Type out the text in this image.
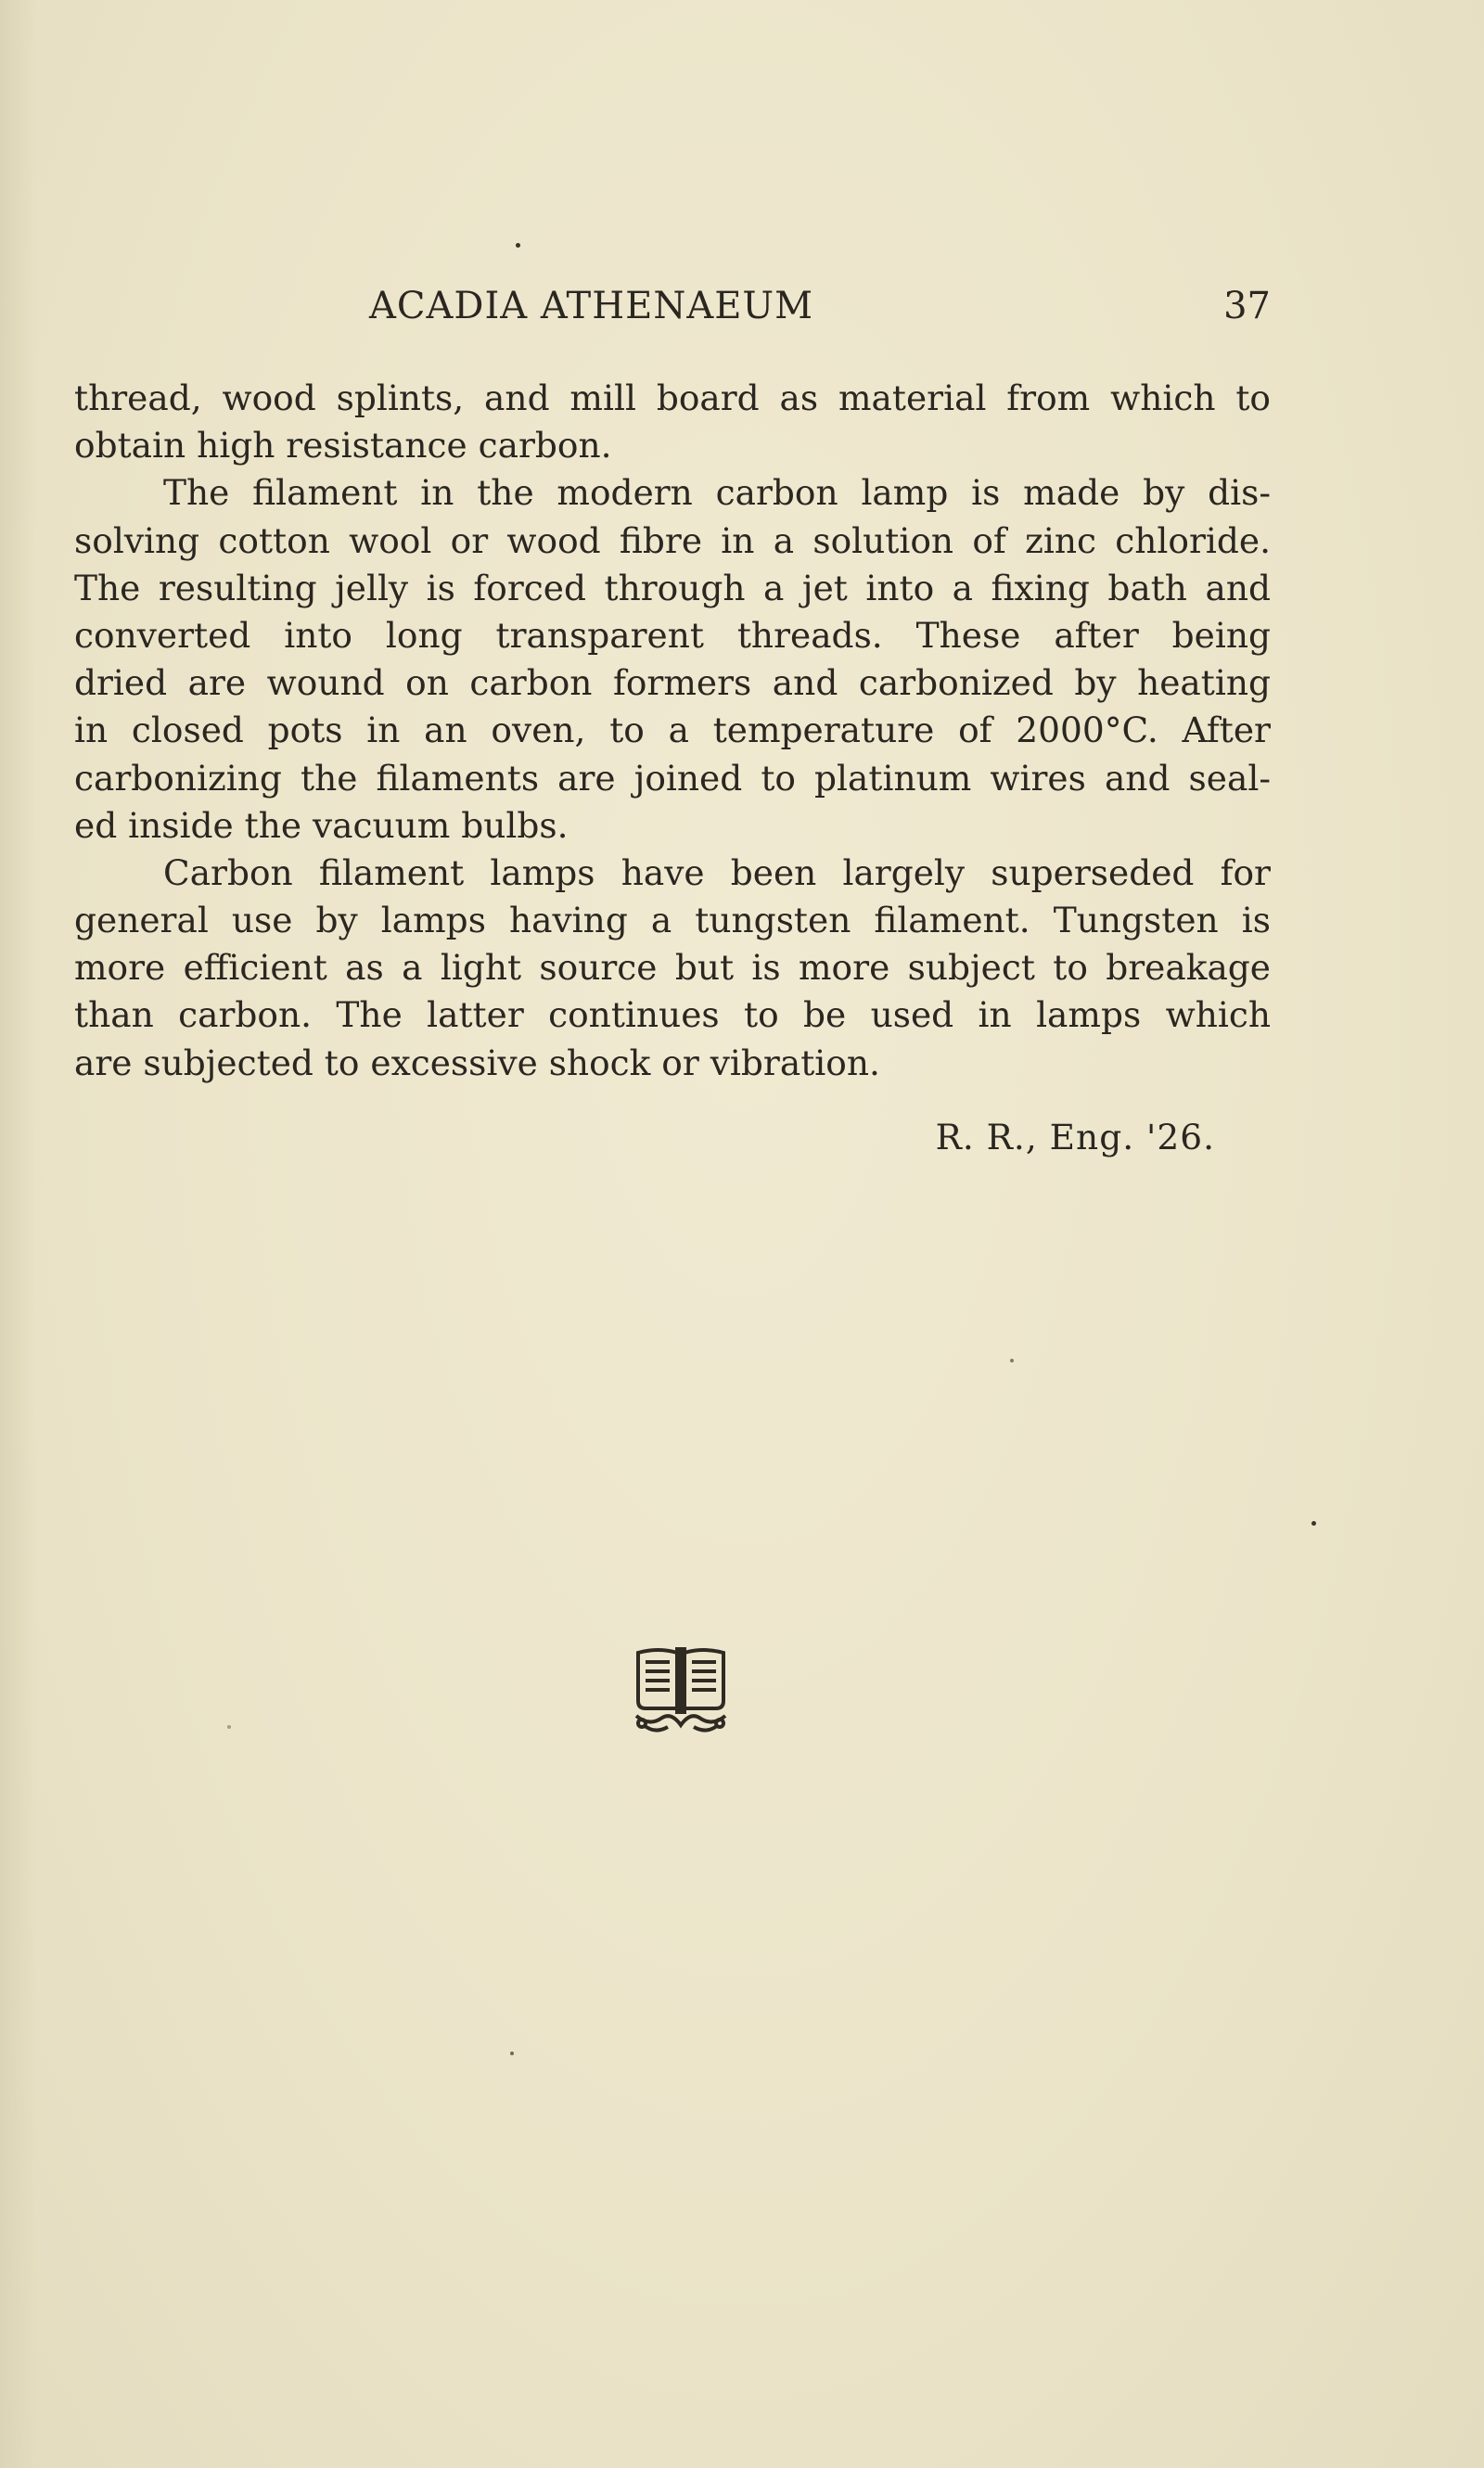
ACADIA ATHENAEUM	37
thread, wood splints, and mill board as material from which to
obtain high resistance carbon.
The filament in the modern carbon lamp is made by dis-
solving cotton wool or wood fibre in a solution of zinc chloride.
The resulting jelly is forced through a jet into a fixing bath and
converted into long transparent threads. These after being
dried are wound on carbon formers and carbonized by heating
in closed pots in an oven, to a temperature of 2000°C. After
carbonizing the filaments are joined to platinum wires and seal-
ed inside the vacuum bulbs.
Carbon filament lamps have been largely superseded for
general use by lamps having a tungsten filament. Tungsten is
more efficient as a light source but is more subject to breakage
than carbon. The latter continues to be used in lamps which
are subjected to excessive shock or vibration.
R. R., Eng. '26.
